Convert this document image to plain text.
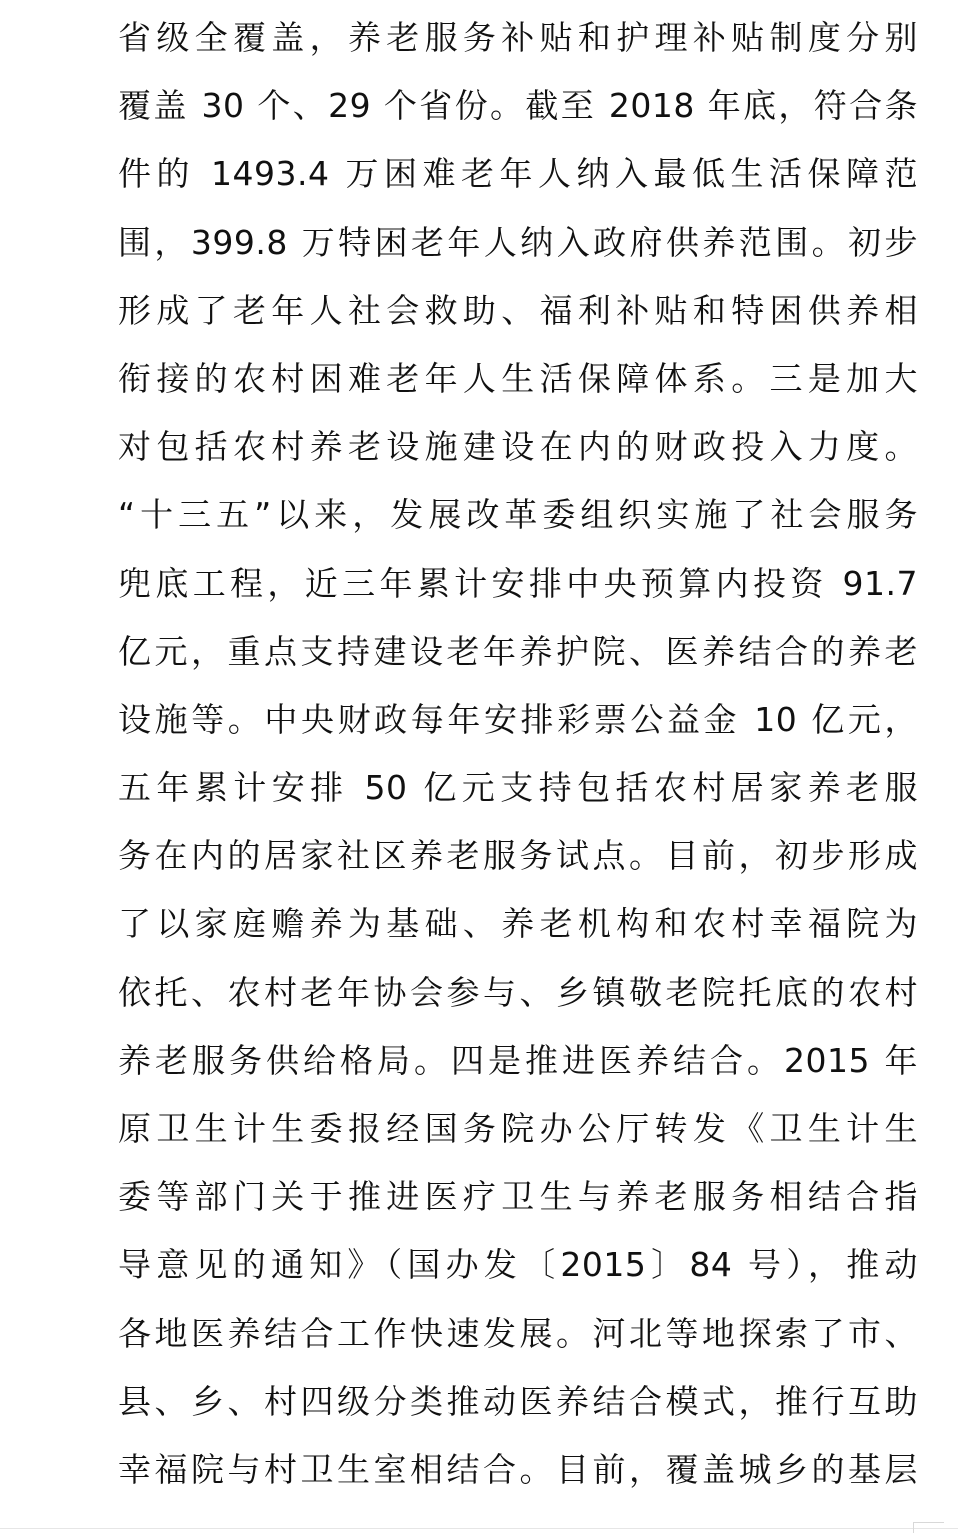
省级全覆盖，养老服务补贴和护理补贴制度分别
覆盖 30 个、29 个省份。截至 2018 年底，符合条
件的 1493.4 万困难老年人纳入最低生活保障范
围，399.8 万特困老年人纳入政府供养范围。初步
形成了老年人社会救助、福利补贴和特困供养相
衔接的农村困难老年人生活保障体系。三是加大
对包括农村养老设施建设在内的财政投入力度。
“十三五”以来，发展改革委组织实施了社会服务
兜底工程，近三年累计安排中央预算内投资 91.7
亿元，重点支持建设老年养护院、医养结合的养老
设施等。中央财政每年安排彩票公益金 10 亿元，
五年累计安排 50 亿元支持包括农村居家养老服
务在内的居家社区养老服务试点。目前，初步形成
了以家庭赡养为基础、养老机构和农村幸福院为
依托、农村老年协会参与、乡镇敬老院托底的农村
养老服务供给格局。四是推进医养结合。2015 年
原卫生计生委报经国务院办公厅转发《卫生计生
委等部门关于推进医疗卫生与养老服务相结合指
导意见的通知》（国办发〔2015〕84 号），推动
各地医养结合工作快速发展。河北等地探索了市、
县、乡、村四级分类推动医养结合模式，推行互助
幸福院与村卫生室相结合。目前，覆盖城乡的基层
